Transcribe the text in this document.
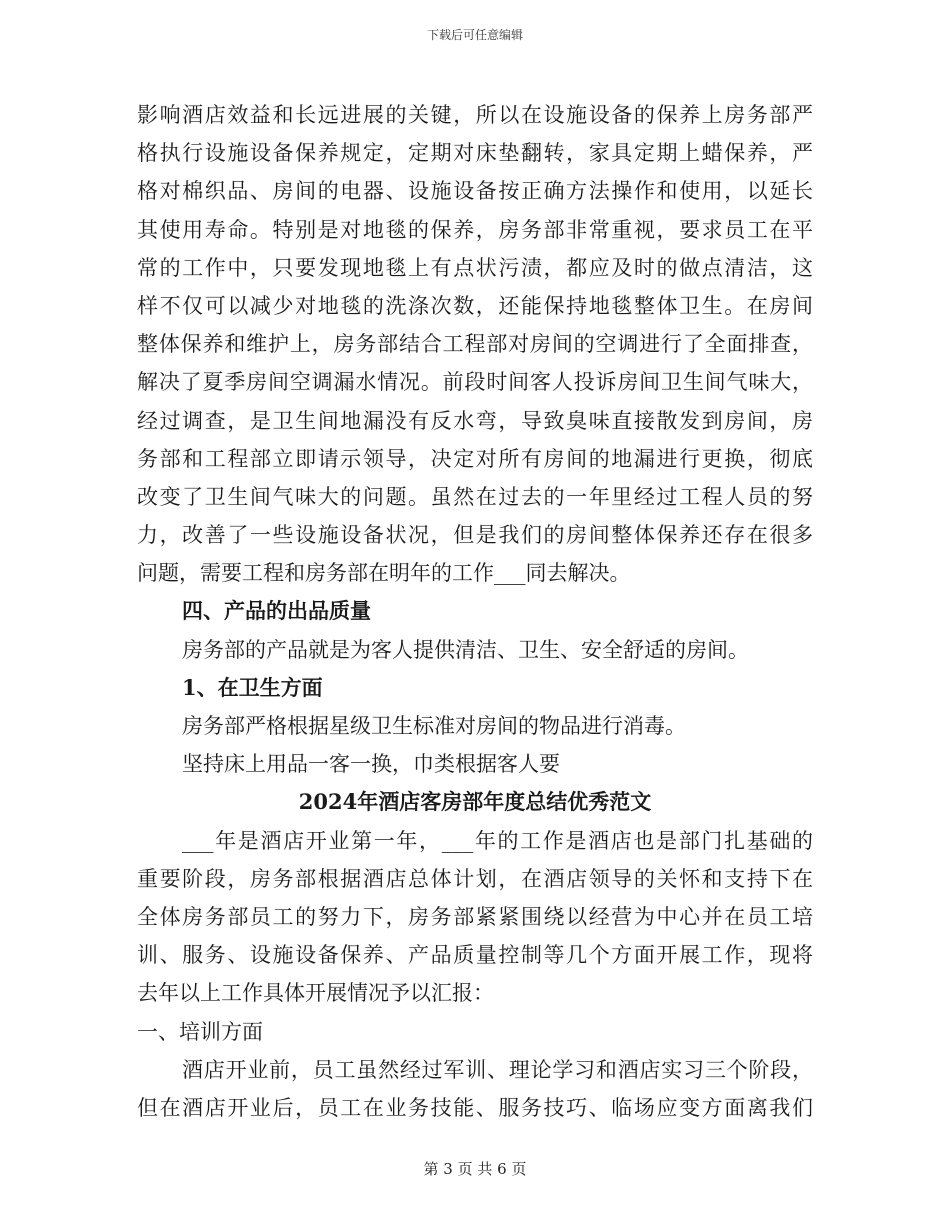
下载后可任意编辑
影响酒店效益和长远进展的关键，所以在设施设备的保养上房务部严
格执行设施设备保养规定，定期对床垫翻转，家具定期上蜡保养，严
格对棉织品、房间的电器、设施设备按正确方法操作和使用，以延长
其使用寿命。特别是对地毯的保养，房务部非常重视，要求员工在平
常的工作中，只要发现地毯上有点状污渍，都应及时的做点清洁，这
样不仅可以减少对地毯的洗涤次数，还能保持地毯整体卫生。在房间
整体保养和维护上，房务部结合工程部对房间的空调进行了全面排查，
解决了夏季房间空调漏水情况。前段时间客人投诉房间卫生间气味大，
经过调查，是卫生间地漏没有反水弯，导致臭味直接散发到房间，房
务部和工程部立即请示领导，决定对所有房间的地漏进行更换，彻底
改变了卫生间气味大的问题。虽然在过去的一年里经过工程人员的努
力，改善了一些设施设备状况，但是我们的房间整体保养还存在很多
问题，需要工程和房务部在明年的工作___同去解决。
四、产品的出品质量
房务部的产品就是为客人提供清洁、卫生、安全舒适的房间。
1、在卫生方面
房务部严格根据星级卫生标准对房间的物品进行消毒。
坚持床上用品一客一换，巾类根据客人要
2024年酒店客房部年度总结优秀范文
___年是酒店开业第一年，___年的工作是酒店也是部门扎基础的
重要阶段，房务部根据酒店总体计划，在酒店领导的关怀和支持下在
全体房务部员工的努力下，房务部紧紧围绕以经营为中心并在员工培
训、服务、设施设备保养、产品质量控制等几个方面开展工作，现将
去年以上工作具体开展情况予以汇报：
一、培训方面
酒店开业前，员工虽然经过军训、理论学习和酒店实习三个阶段，
但在酒店开业后，员工在业务技能、服务技巧、临场应变方面离我们
第 3 页 共 6 页
